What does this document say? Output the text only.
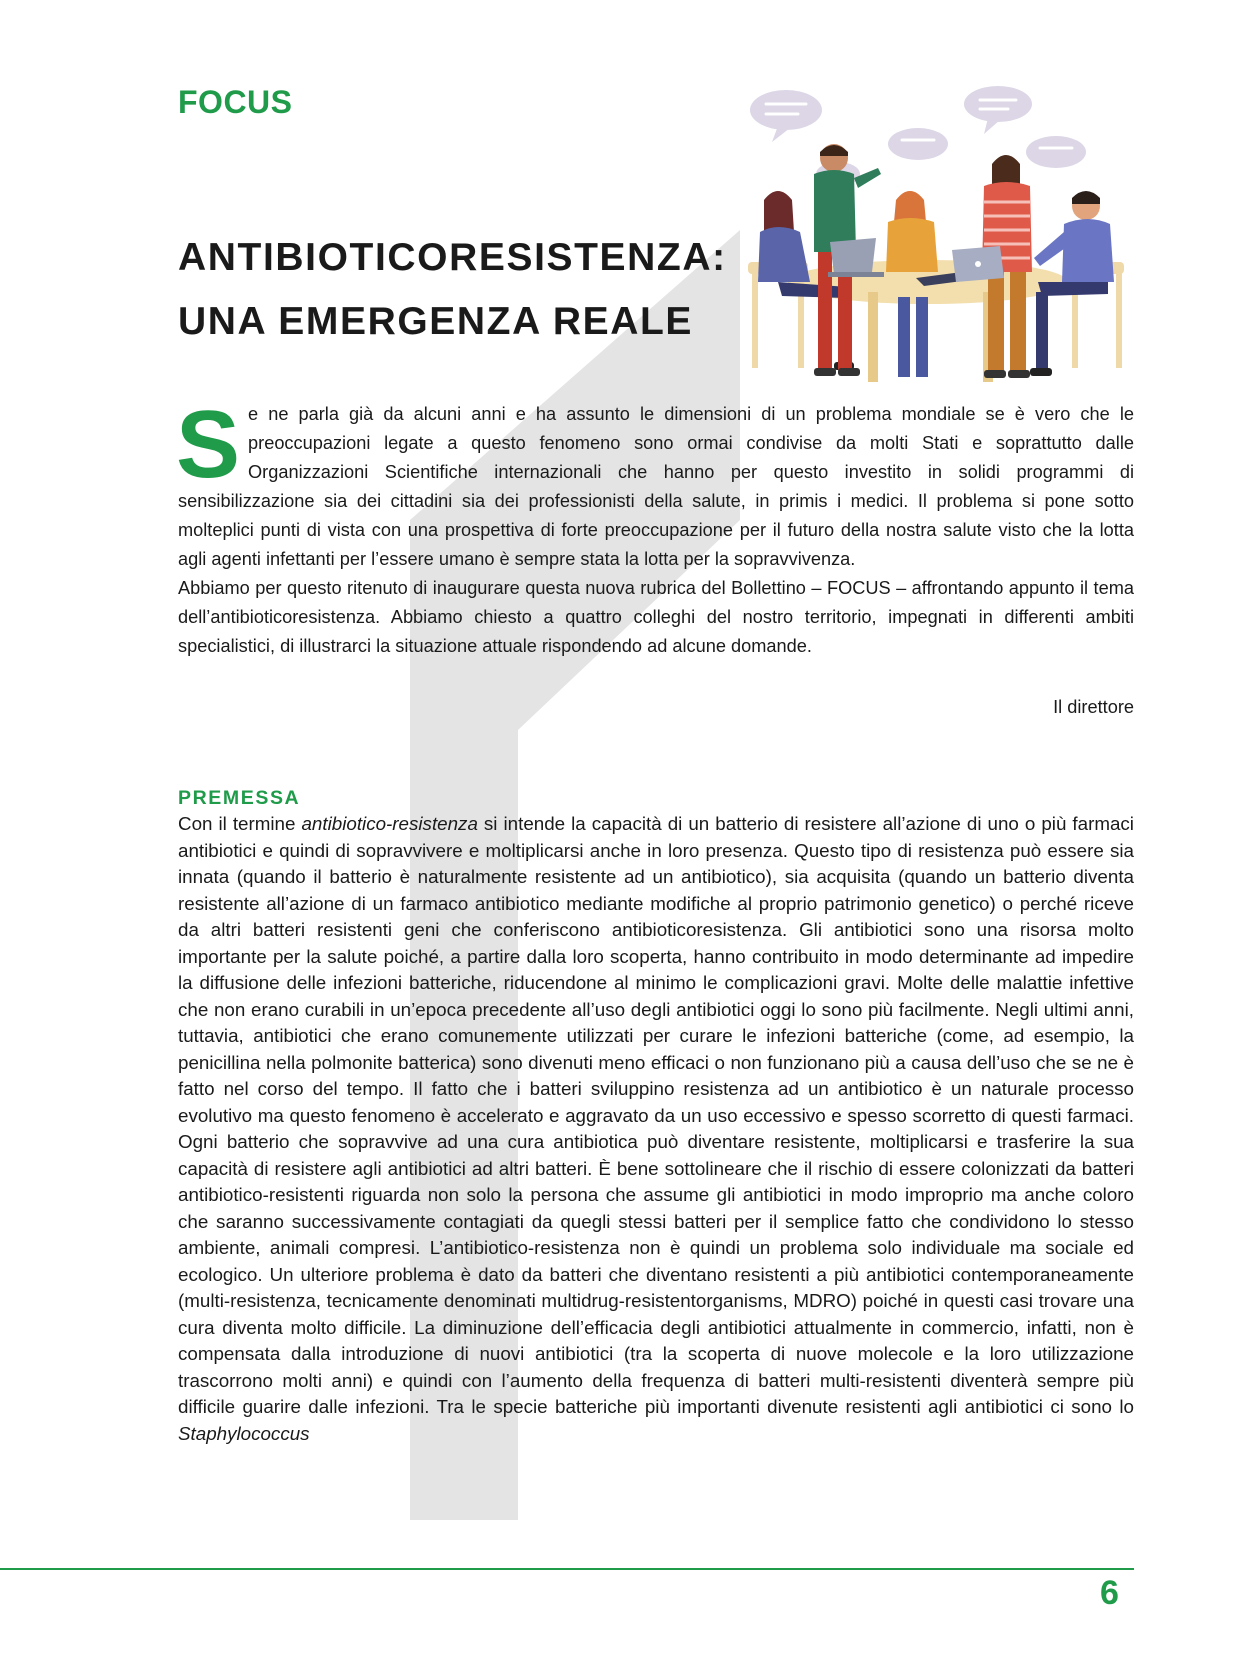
FOCUS
ANTIBIOTICORESISTENZA:
UNA EMERGENZA REALE
S e ne parla già da alcuni anni e ha assunto le dimensioni di un problema mondiale se è vero che le preoccupazioni legate a questo fenomeno sono ormai condivise da molti Stati e soprattutto dalle Organizzazioni Scientifiche internazionali che hanno per questo investito in solidi programmi di sensibilizzazione sia dei cittadini sia dei professionisti della salute, in primis i medici. Il problema si pone sotto molteplici punti di vista con una prospettiva di forte preoccupazione per il futuro della nostra salute visto che la lotta agli agenti infettanti per l’essere umano è sempre stata la lotta per la sopravvivenza.

Abbiamo per questo ritenuto di inaugurare questa nuova rubrica del Bollettino – FOCUS – affrontando appunto il tema dell’antibioticoresistenza. Abbiamo chiesto a quattro colleghi del nostro territorio, impegnati in differenti ambiti specialistici, di illustrarci la situazione attuale rispondendo ad alcune domande.

Il direttore
PREMESSA
Con il termine antibiotico-resistenza si intende la capacità di un batterio di resistere all’azione di uno o più farmaci antibiotici e quindi di sopravvivere e moltiplicarsi anche in loro presenza. Questo tipo di resistenza può essere sia innata (quando il batterio è naturalmente resistente ad un antibiotico), sia acquisita (quando un batterio diventa resistente all’azione di un farmaco antibiotico mediante modifiche al proprio patrimonio genetico) o perché riceve da altri batteri resistenti geni che conferiscono antibioticoresistenza. Gli antibiotici sono una risorsa molto importante per la salute poiché, a partire dalla loro scoperta, hanno contribuito in modo determinante ad impedire la diffusione delle infezioni batteriche, riducendone al minimo le complicazioni gravi. Molte delle malattie infettive che non erano curabili in un’epoca precedente all’uso degli antibiotici oggi lo sono più facilmente. Negli ultimi anni, tuttavia, antibiotici che erano comunemente utilizzati per curare le infezioni batteriche (come, ad esempio, la penicillina nella polmonite batterica) sono divenuti meno efficaci o non funzionano più a causa dell’uso che se ne è fatto nel corso del tempo. Il fatto che i batteri sviluppino resistenza ad un antibiotico è un naturale processo evolutivo ma questo fenomeno è accelerato e aggravato da un uso eccessivo e spesso scorretto di questi farmaci. Ogni batterio che sopravvive ad una cura antibiotica può diventare resistente, moltiplicarsi e trasferire la sua capacità di resistere agli antibiotici ad altri batteri. È bene sottolineare che il rischio di essere colonizzati da batteri antibiotico-resistenti riguarda non solo la persona che assume gli antibiotici in modo improprio ma anche coloro che saranno successivamente contagiati da quegli stessi batteri per il semplice fatto che condividono lo stesso ambiente, animali compresi. L’antibiotico-resistenza non è quindi un problema solo individuale ma sociale ed ecologico. Un ulteriore problema è dato da batteri che diventano resistenti a più antibiotici contemporaneamente (multi-resistenza, tecnicamente denominati multidrug-resistentorganisms, MDRO) poiché in questi casi trovare una cura diventa molto difficile. La diminuzione dell’efficacia degli antibiotici attualmente in commercio, infatti, non è compensata dalla introduzione di nuovi antibiotici (tra la scoperta di nuove molecole e la loro utilizzazione trascorrono molti anni) e quindi con l’aumento della frequenza di batteri multi-resistenti diventerà sempre più difficile guarire dalle infezioni. Tra le specie batteriche più importanti divenute resistenti agli antibiotici ci sono lo Staphylococcus
6
